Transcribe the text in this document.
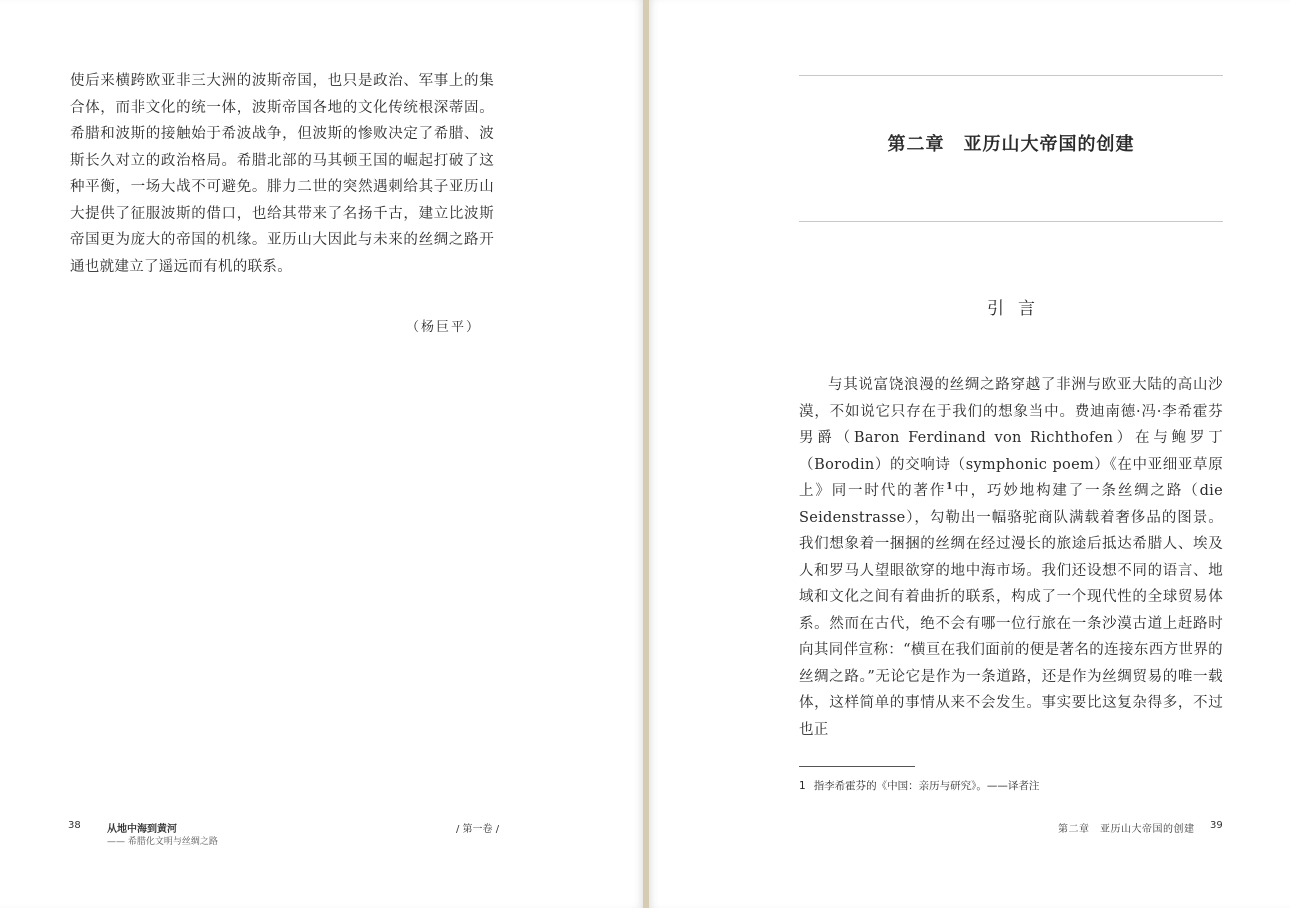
使后来横跨欧亚非三大洲的波斯帝国，也只是政治、军事上的集合体，而非文化的统一体，波斯帝国各地的文化传统根深蒂固。希腊和波斯的接触始于希波战争，但波斯的惨败决定了希腊、波斯长久对立的政治格局。希腊北部的马其顿王国的崛起打破了这种平衡，一场大战不可避免。腓力二世的突然遇刺给其子亚历山大提供了征服波斯的借口，也给其带来了名扬千古，建立比波斯帝国更为庞大的帝国的机缘。亚历山大因此与未来的丝绸之路开通也就建立了遥远而有机的联系。

（杨巨平）
38	从地中海到黄河
—— 希腊化文明与丝绸之路
/ 第一卷 /
第二章　亚历山大帝国的创建
引言

与其说富饶浪漫的丝绸之路穿越了非洲与欧亚大陆的高山沙漠，不如说它只存在于我们的想象当中。费迪南德·冯·李希霍芬男爵（Baron Ferdinand von Richthofen）在与鲍罗丁（Borodin）的交响诗（symphonic poem）《在中亚细亚草原上》同一时代的著作$^1$中，巧妙地构建了一条丝绸之路（die Seidenstrasse），勾勒出一幅骆驼商队满载着奢侈品的图景。我们想象着一捆捆的丝绸在经过漫长的旅途后抵达希腊人、埃及人和罗马人望眼欲穿的地中海市场。我们还设想不同的语言、地域和文化之间有着曲折的联系，构成了一个现代性的全球贸易体系。然而在古代，绝不会有哪一位行旅在一条沙漠古道上赶路时向其同伴宣称：“横亘在我们面前的便是著名的连接东西方世界的丝绸之路。”无论它是作为一条道路，还是作为丝绸贸易的唯一载体，这样简单的事情从来不会发生。事实要比这复杂得多，不过也正

1 指李希霍芬的《中国：亲历与研究》。——译者注
第二章　亚历山大帝国的创建 39
